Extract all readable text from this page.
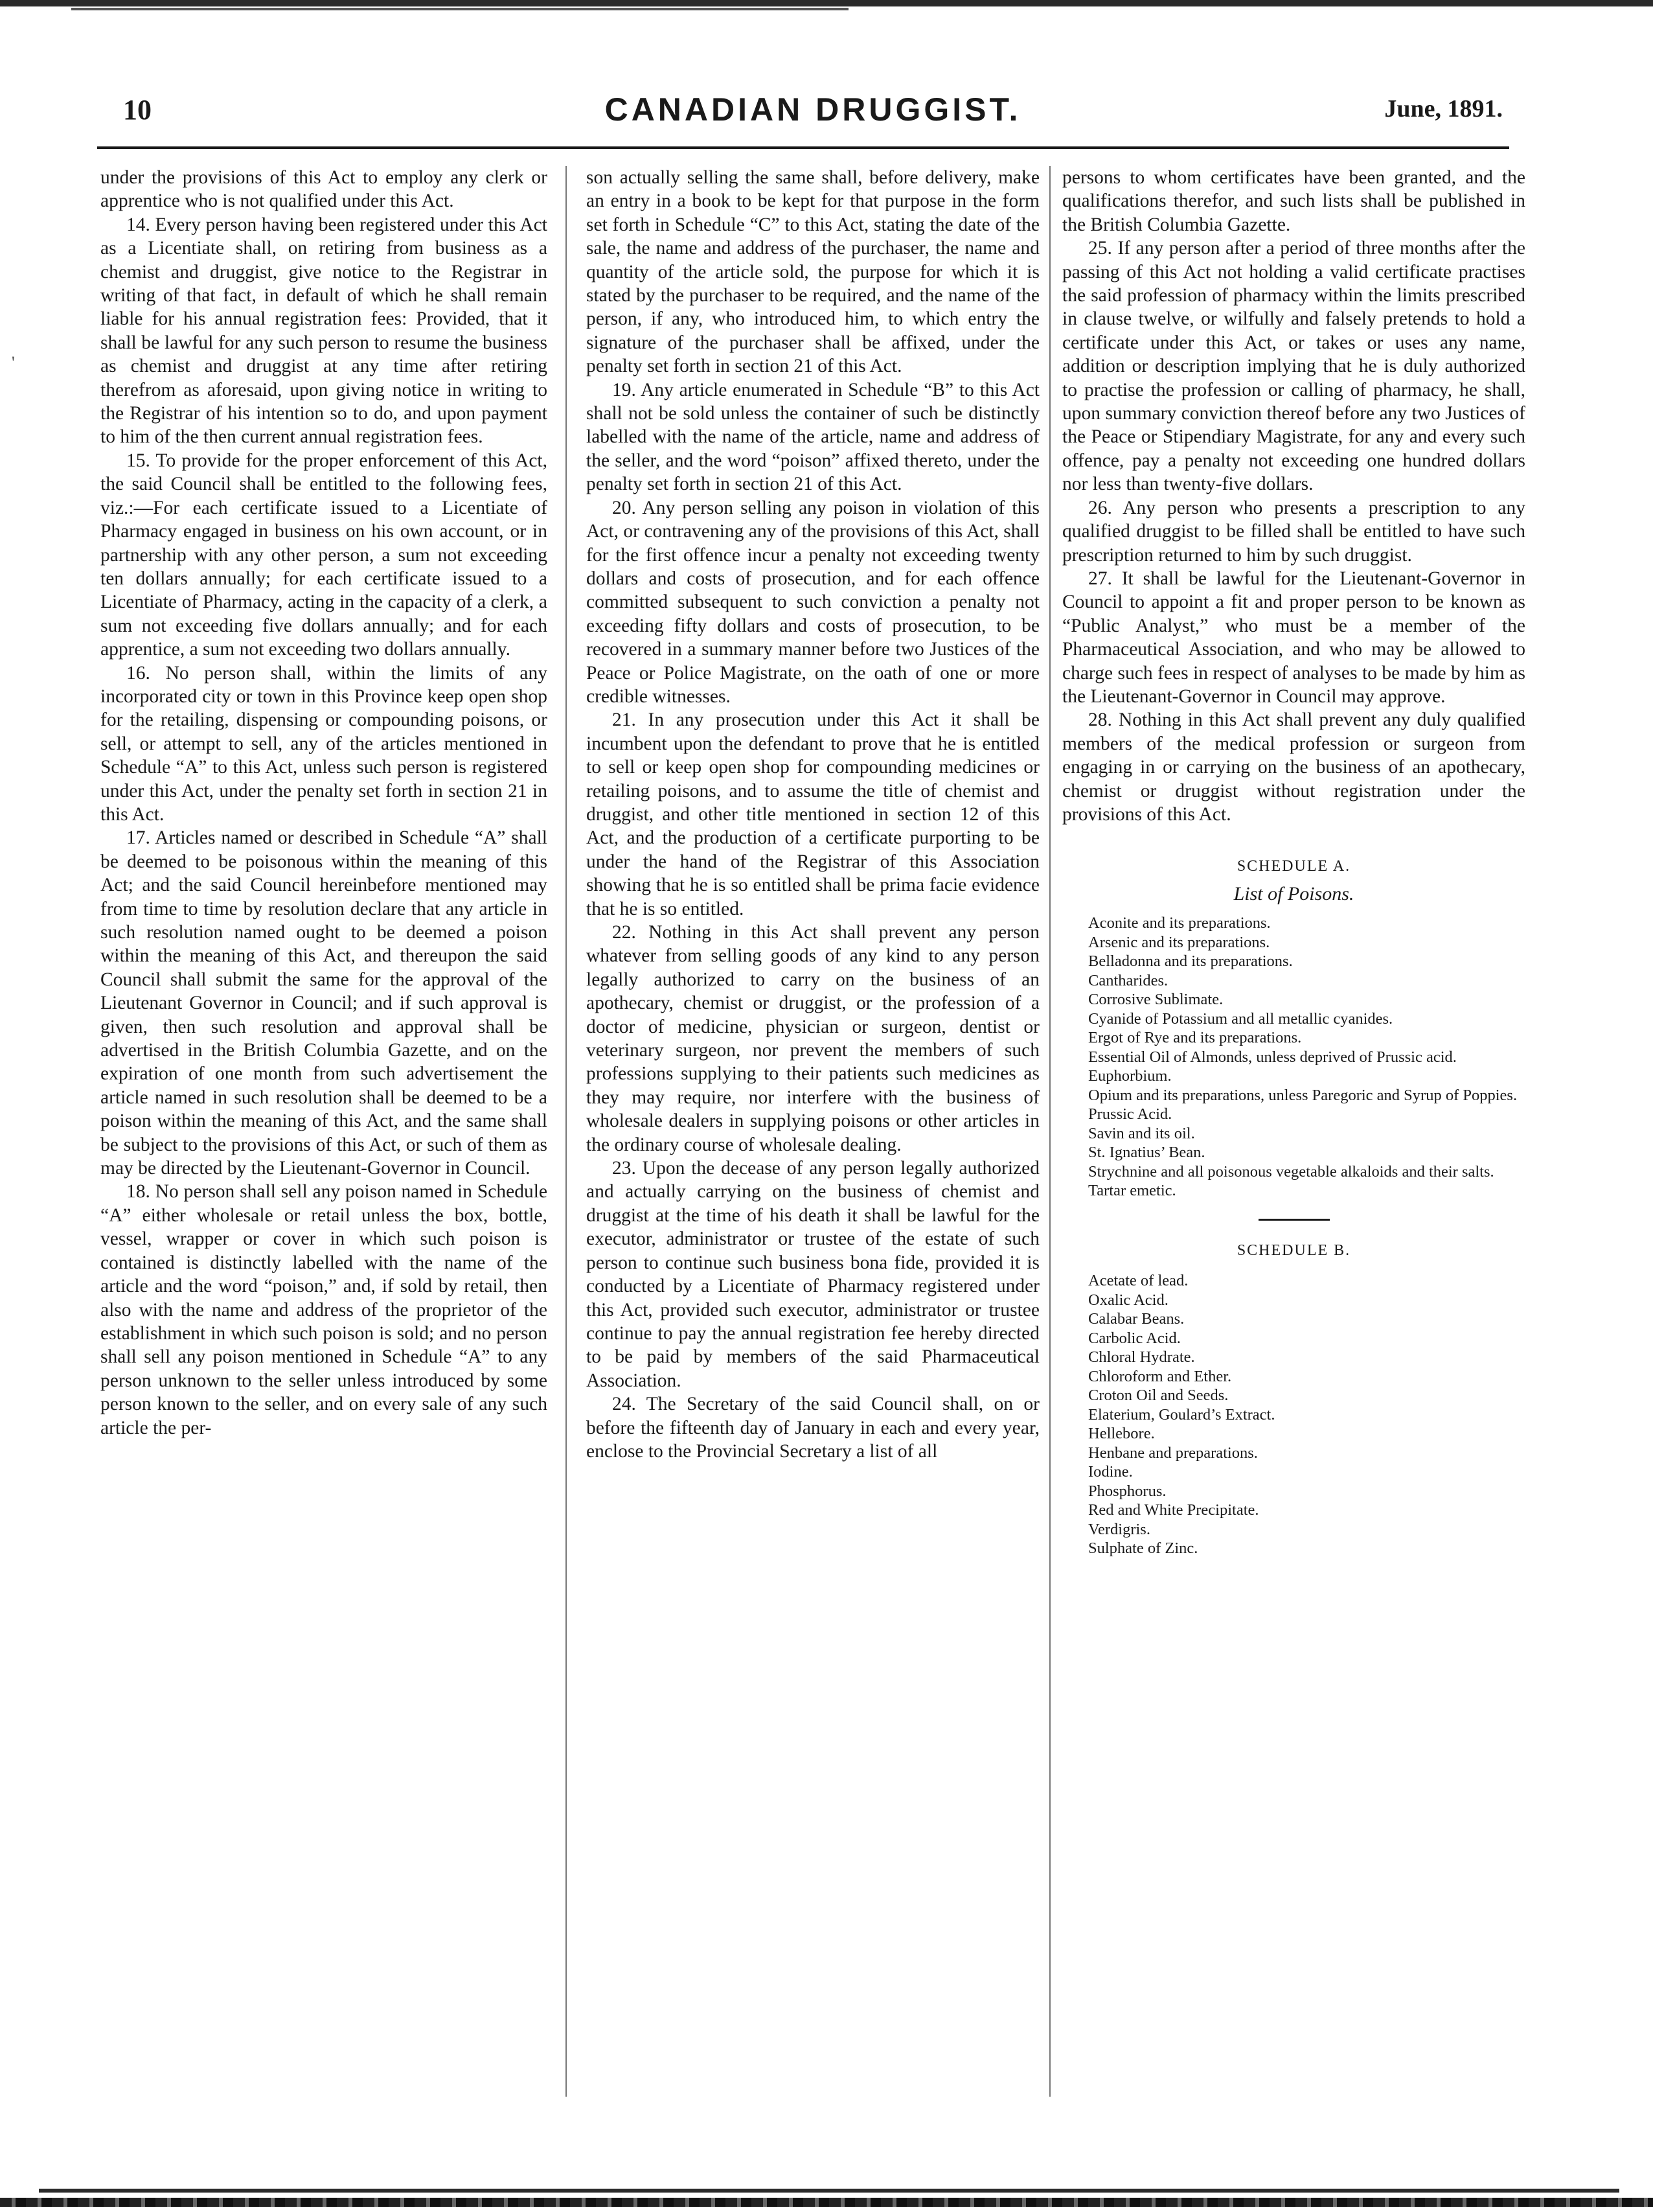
'
10	CANADIAN DRUGGIST.	June, 1891.

under the provisions of this Act to employ any clerk or apprentice who is not qualified under this Act.

14. Every person having been registered under this Act as a Licentiate shall, on retiring from business as a chemist and druggist, give notice to the Registrar in writing of that fact, in default of which he shall remain liable for his annual registration fees: Provided, that it shall be lawful for any such person to resume the business as chemist and druggist at any time after retiring therefrom as aforesaid, upon giving notice in writing to the Registrar of his intention so to do, and upon payment to him of the then current annual registration fees.

15. To provide for the proper enforcement of this Act, the said Council shall be entitled to the following fees, viz.:—For each certificate issued to a Licentiate of Pharmacy engaged in business on his own account, or in partnership with any other person, a sum not exceeding ten dollars annually; for each certificate issued to a Licentiate of Pharmacy, acting in the capacity of a clerk, a sum not exceeding five dollars annually; and for each apprentice, a sum not exceeding two dollars annually.

16. No person shall, within the limits of any incorporated city or town in this Province keep open shop for the retailing, dispensing or compounding poisons, or sell, or attempt to sell, any of the articles mentioned in Schedule “A” to this Act, unless such person is registered under this Act, under the penalty set forth in section 21 in this Act.

17. Articles named or described in Schedule “A” shall be deemed to be poisonous within the meaning of this Act; and the said Council hereinbefore mentioned may from time to time by resolution declare that any article in such resolution named ought to be deemed a poison within the meaning of this Act, and thereupon the said Council shall submit the same for the approval of the Lieutenant Governor in Council; and if such approval is given, then such resolution and approval shall be advertised in the British Columbia Gazette, and on the expiration of one month from such advertisement the article named in such resolution shall be deemed to be a poison within the meaning of this Act, and the same shall be subject to the provisions of this Act, or such of them as may be directed by the Lieutenant-Governor in Council.

18. No person shall sell any poison named in Schedule “A” either wholesale or retail unless the box, bottle, vessel, wrapper or cover in which such poison is contained is distinctly labelled with the name of the article and the word “poison,” and, if sold by retail, then also with the name and address of the proprietor of the establishment in which such poison is sold; and no person shall sell any poison mentioned in Schedule “A” to any person unknown to the seller unless introduced by some person known to the seller, and on every sale of any such article the per-

son actually selling the same shall, before delivery, make an entry in a book to be kept for that purpose in the form set forth in Schedule “C” to this Act, stating the date of the sale, the name and address of the purchaser, the name and quantity of the article sold, the purpose for which it is stated by the purchaser to be required, and the name of the person, if any, who introduced him, to which entry the signature of the purchaser shall be affixed, under the penalty set forth in section 21 of this Act.

19. Any article enumerated in Schedule “B” to this Act shall not be sold unless the container of such be distinctly labelled with the name of the article, name and address of the seller, and the word “poison” affixed thereto, under the penalty set forth in section 21 of this Act.

20. Any person selling any poison in violation of this Act, or contravening any of the provisions of this Act, shall for the first offence incur a penalty not exceeding twenty dollars and costs of prosecution, and for each offence committed subsequent to such conviction a penalty not exceeding fifty dollars and costs of prosecution, to be recovered in a summary manner before two Justices of the Peace or Police Magistrate, on the oath of one or more credible witnesses.

21. In any prosecution under this Act it shall be incumbent upon the defendant to prove that he is entitled to sell or keep open shop for compounding medicines or retailing poisons, and to assume the title of chemist and druggist, and other title mentioned in section 12 of this Act, and the production of a certificate purporting to be under the hand of the Registrar of this Association showing that he is so entitled shall be prima facie evidence that he is so entitled.

22. Nothing in this Act shall prevent any person whatever from selling goods of any kind to any person legally authorized to carry on the business of an apothecary, chemist or druggist, or the profession of a doctor of medicine, physician or surgeon, dentist or veterinary surgeon, nor prevent the members of such professions supplying to their patients such medicines as they may require, nor interfere with the business of wholesale dealers in supplying poisons or other articles in the ordinary course of wholesale dealing.

23. Upon the decease of any person legally authorized and actually carrying on the business of chemist and druggist at the time of his death it shall be lawful for the executor, administrator or trustee of the estate of such person to continue such business bona fide, provided it is conducted by a Licentiate of Pharmacy registered under this Act, provided such executor, administrator or trustee continue to pay the annual registration fee hereby directed to be paid by members of the said Pharmaceutical Association.

24. The Secretary of the said Council shall, on or before the fifteenth day of January in each and every year, enclose to the Provincial Secretary a list of all

persons to whom certificates have been granted, and the qualifications therefor, and such lists shall be published in the British Columbia Gazette.

25. If any person after a period of three months after the passing of this Act not holding a valid certificate practises the said profession of pharmacy within the limits prescribed in clause twelve, or wilfully and falsely pretends to hold a certificate under this Act, or takes or uses any name, addition or description implying that he is duly authorized to practise the profession or calling of pharmacy, he shall, upon summary conviction thereof before any two Justices of the Peace or Stipendiary Magistrate, for any and every such offence, pay a penalty not exceeding one hundred dollars nor less than twenty-five dollars.

26. Any person who presents a prescription to any qualified druggist to be filled shall be entitled to have such prescription returned to him by such druggist.

27. It shall be lawful for the Lieutenant-Governor in Council to appoint a fit and proper person to be known as “Public Analyst,” who must be a member of the Pharmaceutical Association, and who may be allowed to charge such fees in respect of analyses to be made by him as the Lieutenant-Governor in Council may approve.

28. Nothing in this Act shall prevent any duly qualified members of the medical profession or surgeon from engaging in or carrying on the business of an apothecary, chemist or druggist without registration under the provisions of this Act.

SCHEDULE A.
List of Poisons.
Aconite and its preparations.
Arsenic and its preparations.
Belladonna and its preparations.
Cantharides.
Corrosive Sublimate.
Cyanide of Potassium and all metallic cyanides.
Ergot of Rye and its preparations.
Essential Oil of Almonds, unless deprived of Prussic acid.
Euphorbium.
Opium and its preparations, unless Paregoric and Syrup of Poppies.
Prussic Acid.
Savin and its oil.
St. Ignatius’ Bean.
Strychnine and all poisonous vegetable alkaloids and their salts.
Tartar emetic.
SCHEDULE B.
Acetate of lead.
Oxalic Acid.
Calabar Beans.
Carbolic Acid.
Chloral Hydrate.
Chloroform and Ether.
Croton Oil and Seeds.
Elaterium, Goulard’s Extract.
Hellebore.
Henbane and preparations.
Iodine.
Phosphorus.
Red and White Precipitate.
Verdigris.
Sulphate of Zinc.
